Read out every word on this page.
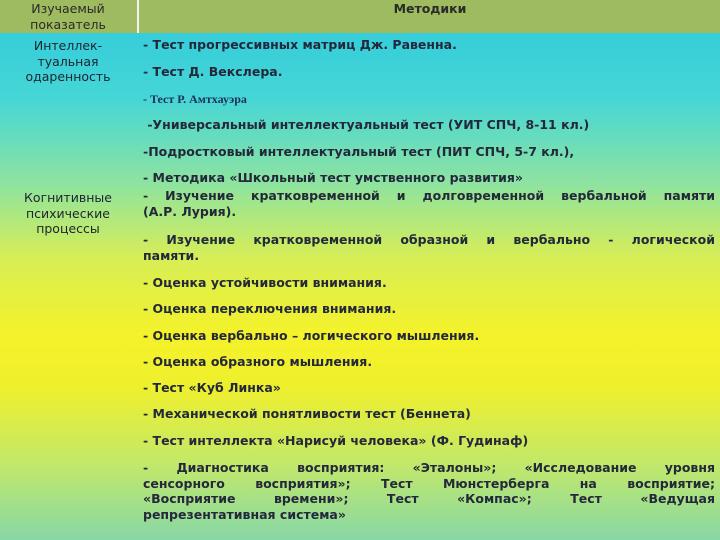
Изучаемый
показатель
Методики
Интеллек-
туальная
одаренность
Когнитивные
психические
процессы
- Тест прогрессивных матриц Дж. Равенна.
- Тест Д. Векслера.
- Тест Р. Амтхауэра
-Универсальный интеллектуальный тест (УИТ СПЧ, 8-11 кл.)
-Подростковый интеллектуальный тест (ПИТ СПЧ, 5-7 кл.),
- Методика «Школьный тест умственного развития»
- Изучение кратковременной и долговременной вербальной памяти
(А.Р. Лурия).
- Изучение кратковременной образной и вербально - логической
памяти.
- Оценка устойчивости внимания.
- Оценка переключения внимания.
- Оценка вербально – логического мышления.
- Оценка образного мышления.
- Тест «Куб Линка»
- Механической понятливости тест (Беннета)
- Тест интеллекта «Нарисуй человека» (Ф. Гудинаф)
- Диагностика восприятия: «Эталоны»; «Исследование уровня
сенсорного восприятия»; Тест Мюнстерберга на восприятие;
«Восприятие времени»; Тест «Компас»; Тест «Ведущая
репрезентативная система»
